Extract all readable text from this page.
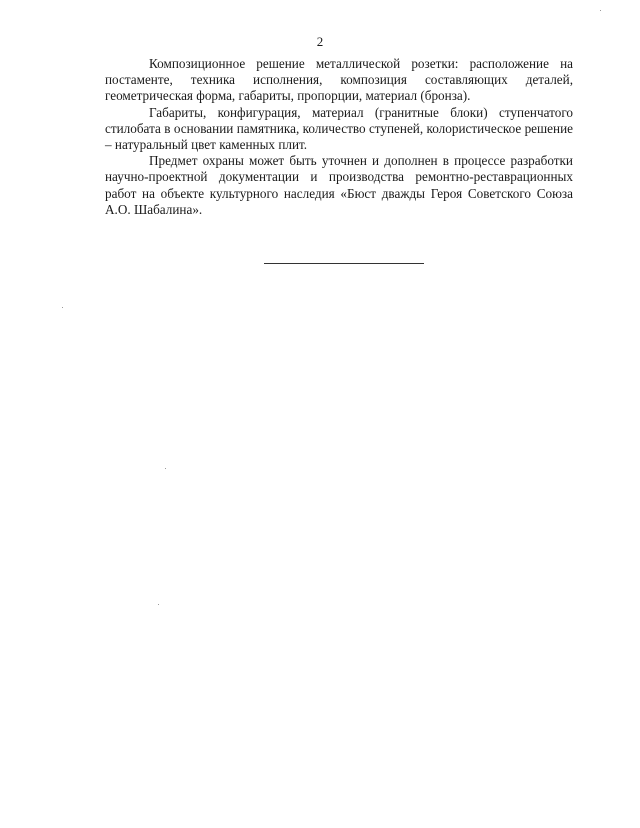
2

Композиционное решение металлической розетки: расположение на постаменте, техника исполнения, композиция составляющих деталей, геометрическая форма, габариты, пропорции, материал (бронза).

Габариты, конфигурация, материал (гранитные блоки) ступенчатого стилобата в основании памятника, количество ступеней, колористическое решение – натуральный цвет каменных плит.

Предмет охраны может быть уточнен и дополнен в процессе разработки научно-проектной документации и производства ремонтно-реставрационных работ на объекте культурного наследия «Бюст дважды Героя Советского Союза А.О. Шабалина».
